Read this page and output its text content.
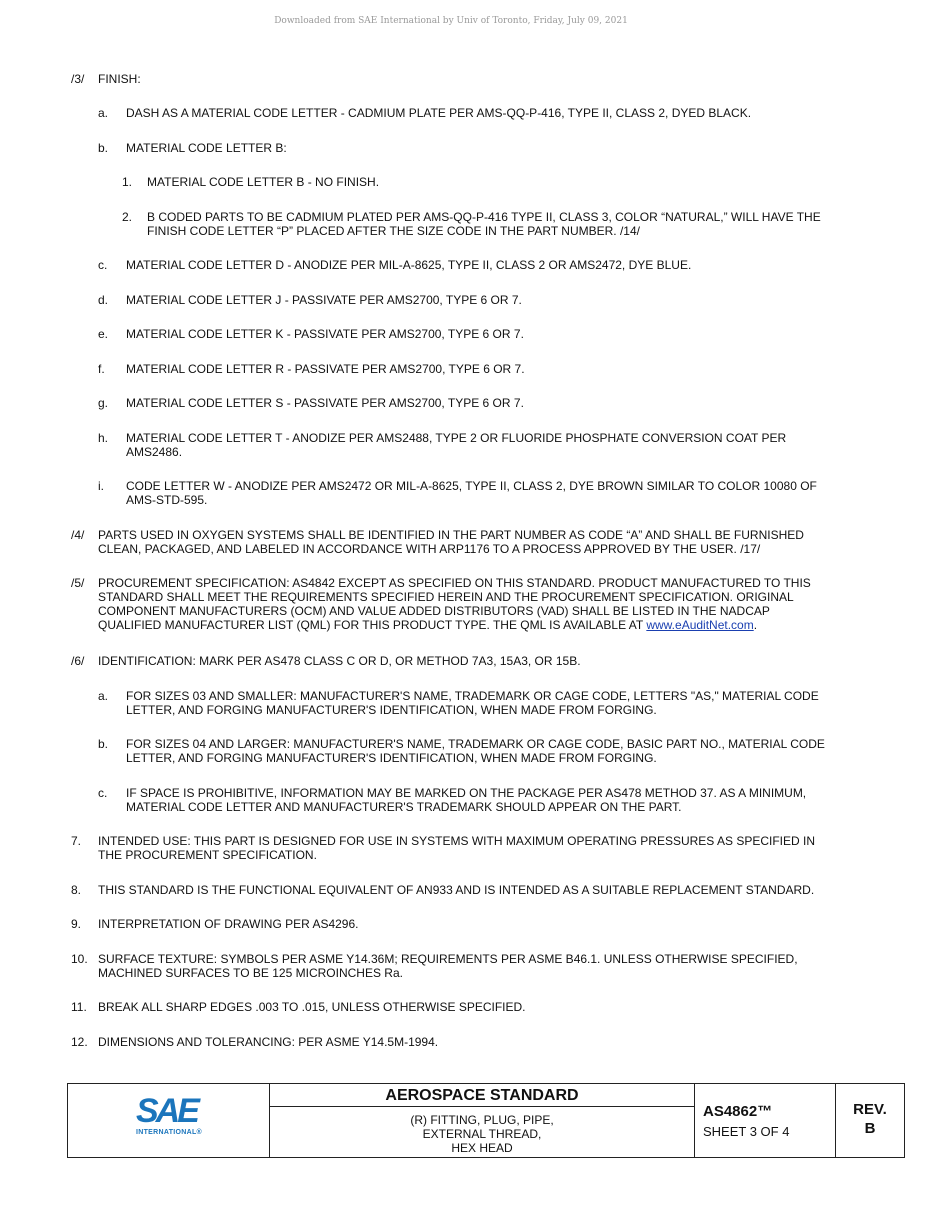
Downloaded from SAE International by Univ of Toronto, Friday, July 09, 2021
/3/ FINISH:
a. DASH AS A MATERIAL CODE LETTER - CADMIUM PLATE PER AMS-QQ-P-416, TYPE II, CLASS 2, DYED BLACK.
b. MATERIAL CODE LETTER B:
1. MATERIAL CODE LETTER B - NO FINISH.
2. B CODED PARTS TO BE CADMIUM PLATED PER AMS-QQ-P-416 TYPE II, CLASS 3, COLOR “NATURAL,” WILL HAVE THE
FINISH CODE LETTER “P” PLACED AFTER THE SIZE CODE IN THE PART NUMBER. /14/
c. MATERIAL CODE LETTER D - ANODIZE PER MIL-A-8625, TYPE II, CLASS 2 OR AMS2472, DYE BLUE.
d. MATERIAL CODE LETTER J - PASSIVATE PER AMS2700, TYPE 6 OR 7.
e. MATERIAL CODE LETTER K - PASSIVATE PER AMS2700, TYPE 6 OR 7.
f. MATERIAL CODE LETTER R - PASSIVATE PER AMS2700, TYPE 6 OR 7.
g. MATERIAL CODE LETTER S - PASSIVATE PER AMS2700, TYPE 6 OR 7.
h. MATERIAL CODE LETTER T - ANODIZE PER AMS2488, TYPE 2 OR FLUORIDE PHOSPHATE CONVERSION COAT PER
AMS2486.
i. CODE LETTER W - ANODIZE PER AMS2472 OR MIL-A-8625, TYPE II, CLASS 2, DYE BROWN SIMILAR TO COLOR 10080 OF
AMS-STD-595.
/4/ PARTS USED IN OXYGEN SYSTEMS SHALL BE IDENTIFIED IN THE PART NUMBER AS CODE “A” AND SHALL BE FURNISHED
CLEAN, PACKAGED, AND LABELED IN ACCORDANCE WITH ARP1176 TO A PROCESS APPROVED BY THE USER. /17/
/5/ PROCUREMENT SPECIFICATION: AS4842 EXCEPT AS SPECIFIED ON THIS STANDARD. PRODUCT MANUFACTURED TO THIS
STANDARD SHALL MEET THE REQUIREMENTS SPECIFIED HEREIN AND THE PROCUREMENT SPECIFICATION. ORIGINAL
COMPONENT MANUFACTURERS (OCM) AND VALUE ADDED DISTRIBUTORS (VAD) SHALL BE LISTED IN THE NADCAP
QUALIFIED MANUFACTURER LIST (QML) FOR THIS PRODUCT TYPE. THE QML IS AVAILABLE AT www.eAuditNet.com.
/6/ IDENTIFICATION: MARK PER AS478 CLASS C OR D, OR METHOD 7A3, 15A3, OR 15B.
a. FOR SIZES 03 AND SMALLER: MANUFACTURER'S NAME, TRADEMARK OR CAGE CODE, LETTERS "AS," MATERIAL CODE
LETTER, AND FORGING MANUFACTURER'S IDENTIFICATION, WHEN MADE FROM FORGING.
b. FOR SIZES 04 AND LARGER: MANUFACTURER'S NAME, TRADEMARK OR CAGE CODE, BASIC PART NO., MATERIAL CODE
LETTER, AND FORGING MANUFACTURER'S IDENTIFICATION, WHEN MADE FROM FORGING.
c. IF SPACE IS PROHIBITIVE, INFORMATION MAY BE MARKED ON THE PACKAGE PER AS478 METHOD 37. AS A MINIMUM,
MATERIAL CODE LETTER AND MANUFACTURER'S TRADEMARK SHOULD APPEAR ON THE PART.
7. INTENDED USE: THIS PART IS DESIGNED FOR USE IN SYSTEMS WITH MAXIMUM OPERATING PRESSURES AS SPECIFIED IN
THE PROCUREMENT SPECIFICATION.
8. THIS STANDARD IS THE FUNCTIONAL EQUIVALENT OF AN933 AND IS INTENDED AS A SUITABLE REPLACEMENT STANDARD.
9. INTERPRETATION OF DRAWING PER AS4296.
10. SURFACE TEXTURE: SYMBOLS PER ASME Y14.36M; REQUIREMENTS PER ASME B46.1. UNLESS OTHERWISE SPECIFIED,
MACHINED SURFACES TO BE 125 MICROINCHES Ra.
11. BREAK ALL SHARP EDGES .003 TO .015, UNLESS OTHERWISE SPECIFIED.
12. DIMENSIONS AND TOLERANCING: PER ASME Y14.5M-1994.
SAE
INTERNATIONAL®
AEROSPACE STANDARD
(R) FITTING, PLUG, PIPE,
EXTERNAL THREAD,
HEX HEAD
AS4862™
SHEET 3 OF 4
REV.
B
